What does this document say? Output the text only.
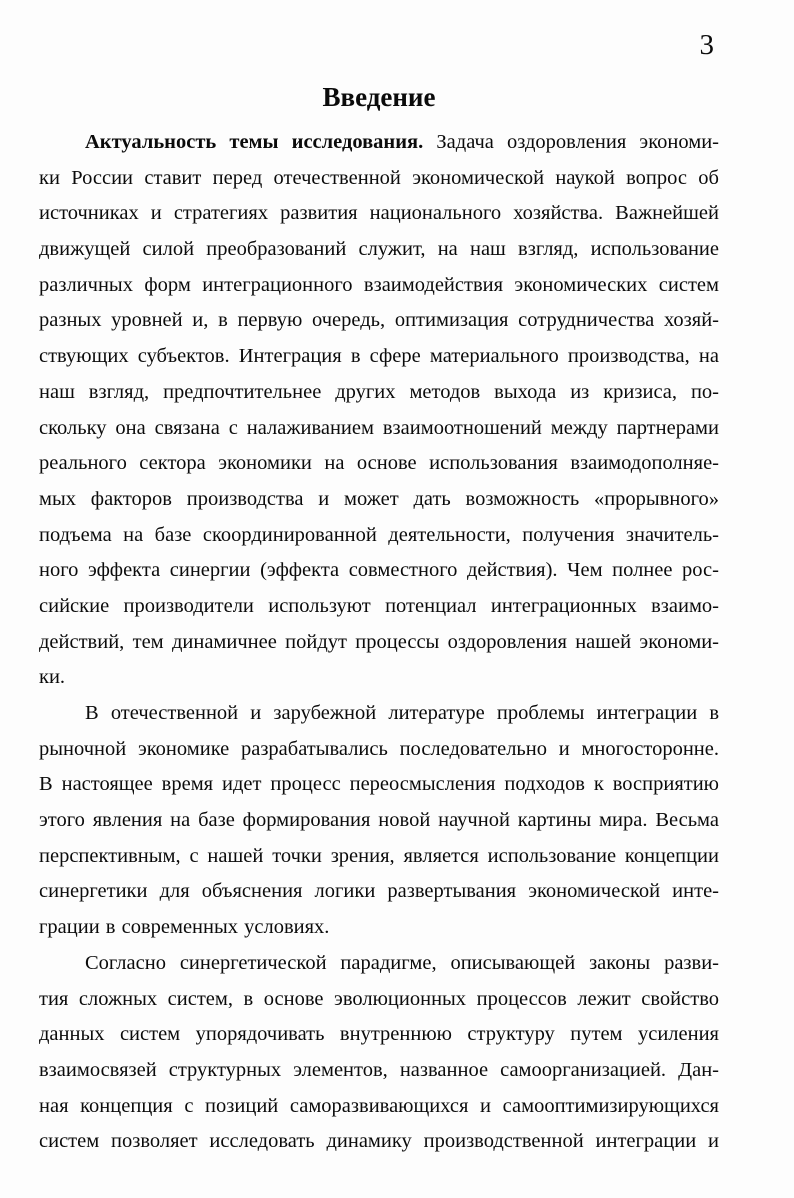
3
Введение
Актуальность темы исследования. Задача оздоровления экономи-
ки России ставит перед отечественной экономической наукой вопрос об
источниках и стратегиях развития национального хозяйства. Важнейшей
движущей силой преобразований служит, на наш взгляд, использование
различных форм интеграционного взаимодействия экономических систем
разных уровней и, в первую очередь, оптимизация сотрудничества хозяй-
ствующих субъектов. Интеграция в сфере материального производства, на
наш взгляд, предпочтительнее других методов выхода из кризиса, по-
скольку она связана с налаживанием взаимоотношений между партнерами
реального сектора экономики на основе использования взаимодополняе-
мых факторов производства и может дать возможность «прорывного»
подъема на базе скоординированной деятельности, получения значитель-
ного эффекта синергии (эффекта совместного действия). Чем полнее рос-
сийские производители используют потенциал интеграционных взаимо-
действий, тем динамичнее пойдут процессы оздоровления нашей экономи-
ки.
В отечественной и зарубежной литературе проблемы интеграции в
рыночной экономике разрабатывались последовательно и многосторонне.
В настоящее время идет процесс переосмысления подходов к восприятию
этого явления на базе формирования новой научной картины мира. Весьма
перспективным, с нашей точки зрения, является использование концепции
синергетики для объяснения логики развертывания экономической инте-
грации в современных условиях.
Согласно синергетической парадигме, описывающей законы разви-
тия сложных систем, в основе эволюционных процессов лежит свойство
данных систем упорядочивать внутреннюю структуру путем усиления
взаимосвязей структурных элементов, названное самоорганизацией. Дан-
ная концепция с позиций саморазвивающихся и самооптимизирующихся
систем позволяет исследовать динамику производственной интеграции и
